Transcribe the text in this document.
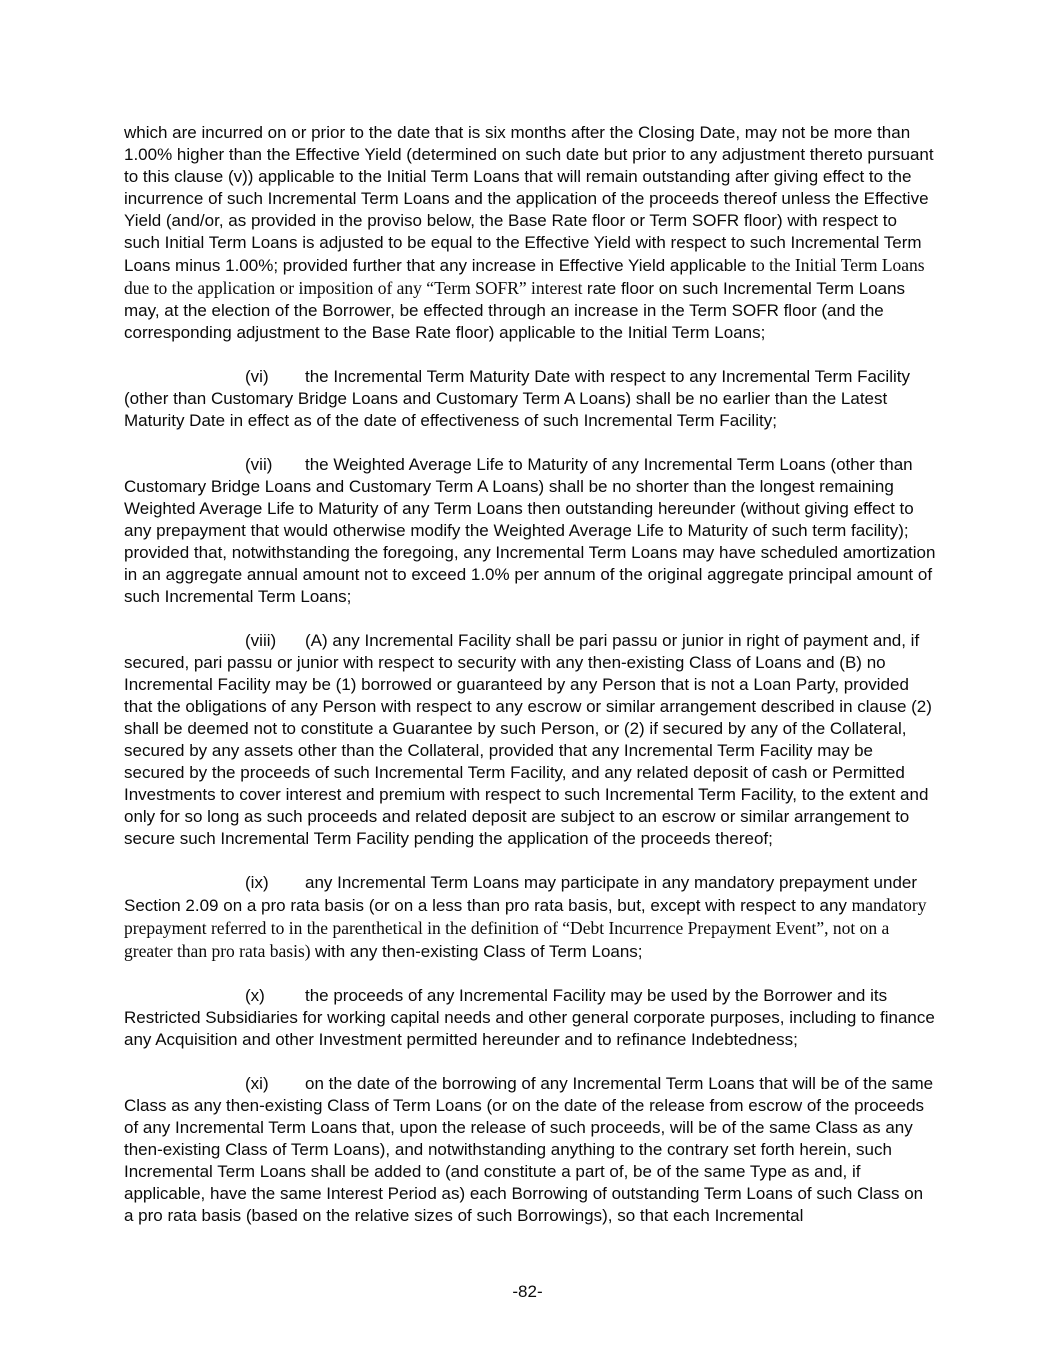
which are incurred on or prior to the date that is six months after the Closing Date, may not be more than 1.00% higher than the Effective Yield (determined on such date but prior to any adjustment thereto pursuant to this clause (v)) applicable to the Initial Term Loans that will remain outstanding after giving effect to the incurrence of such Incremental Term Loans and the application of the proceeds thereof unless the Effective Yield (and/or, as provided in the proviso below, the Base Rate floor or Term SOFR floor) with respect to such Initial Term Loans is adjusted to be equal to the Effective Yield with respect to such Incremental Term Loans minus 1.00%; provided further that any increase in Effective Yield applicable to the Initial Term Loans due to the application or imposition of any “Term SOFR” interest rate floor on such Incremental Term Loans may, at the election of the Borrower, be effected through an increase in the Term SOFR floor (and the corresponding adjustment to the Base Rate floor) applicable to the Initial Term Loans;

(vi) the Incremental Term Maturity Date with respect to any Incremental Term Facility (other than Customary Bridge Loans and Customary Term A Loans) shall be no earlier than the Latest Maturity Date in effect as of the date of effectiveness of such Incremental Term Facility;

(vii) the Weighted Average Life to Maturity of any Incremental Term Loans (other than Customary Bridge Loans and Customary Term A Loans) shall be no shorter than the longest remaining Weighted Average Life to Maturity of any Term Loans then outstanding hereunder (without giving effect to any prepayment that would otherwise modify the Weighted Average Life to Maturity of such term facility); provided that, notwithstanding the foregoing, any Incremental Term Loans may have scheduled amortization in an aggregate annual amount not to exceed 1.0% per annum of the original aggregate principal amount of such Incremental Term Loans;

(viii) (A) any Incremental Facility shall be pari passu or junior in right of payment and, if secured, pari passu or junior with respect to security with any then-existing Class of Loans and (B) no Incremental Facility may be (1) borrowed or guaranteed by any Person that is not a Loan Party, provided that the obligations of any Person with respect to any escrow or similar arrangement described in clause (2) shall be deemed not to constitute a Guarantee by such Person, or (2) if secured by any of the Collateral, secured by any assets other than the Collateral, provided that any Incremental Term Facility may be secured by the proceeds of such Incremental Term Facility, and any related deposit of cash or Permitted Investments to cover interest and premium with respect to such Incremental Term Facility, to the extent and only for so long as such proceeds and related deposit are subject to an escrow or similar arrangement to secure such Incremental Term Facility pending the application of the proceeds thereof;

(ix) any Incremental Term Loans may participate in any mandatory prepayment under Section 2.09 on a pro rata basis (or on a less than pro rata basis, but, except with respect to any mandatory prepayment referred to in the parenthetical in the definition of “Debt Incurrence Prepayment Event”, not on a greater than pro rata basis) with any then-existing Class of Term Loans;

(x) the proceeds of any Incremental Facility may be used by the Borrower and its Restricted Subsidiaries for working capital needs and other general corporate purposes, including to finance any Acquisition and other Investment permitted hereunder and to refinance Indebtedness;

(xi) on the date of the borrowing of any Incremental Term Loans that will be of the same Class as any then-existing Class of Term Loans (or on the date of the release from escrow of the proceeds of any Incremental Term Loans that, upon the release of such proceeds, will be of the same Class as any then-existing Class of Term Loans), and notwithstanding anything to the contrary set forth herein, such Incremental Term Loans shall be added to (and constitute a part of, be of the same Type as and, if applicable, have the same Interest Period as) each Borrowing of outstanding Term Loans of such Class on a pro rata basis (based on the relative sizes of such Borrowings), so that each Incremental

-82-
